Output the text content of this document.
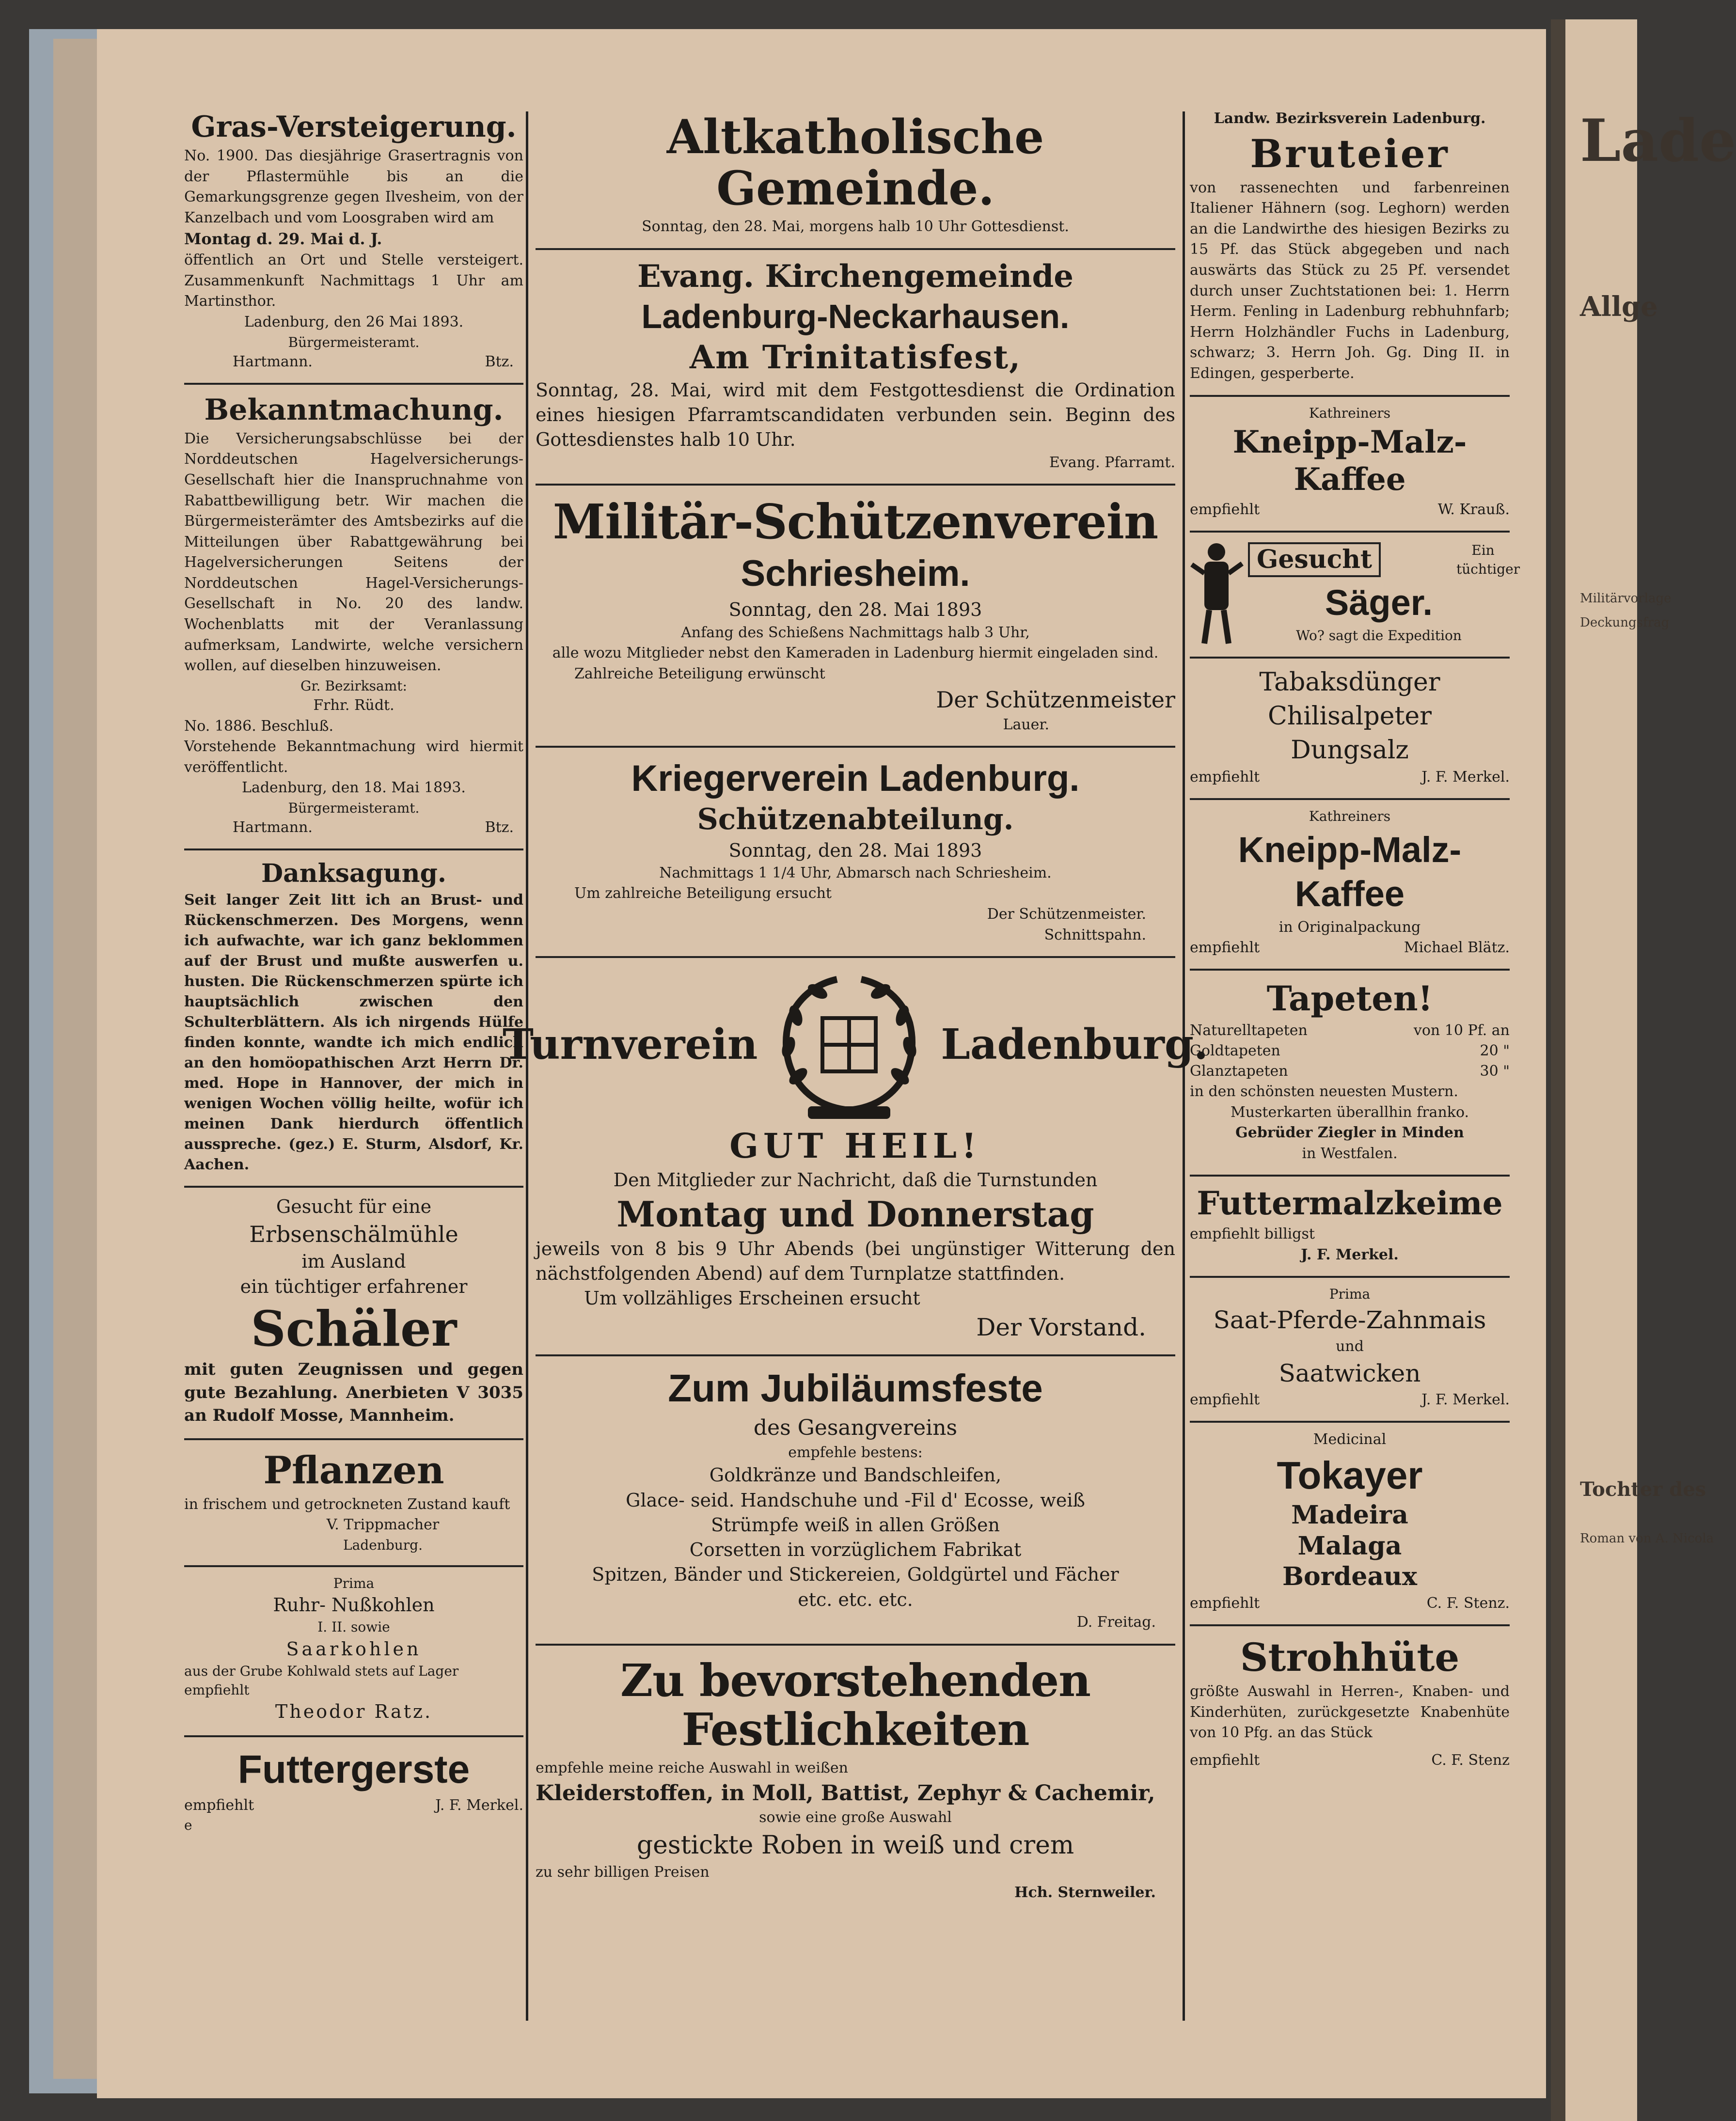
Lade
Allge
Militärvorlage
Deckungsfrag
Tochter des
Roman von A. Nicola
Gras-Versteigerung.
No. 1900. Das diesjährige Grasertragnis von der Pflastermühle bis an die Gemarkungsgrenze gegen Ilvesheim, von der Kanzelbach und vom Loosgraben wird am
Montag d. 29. Mai d. J.
öffentlich an Ort und Stelle versteigert. Zusammenkunft Nachmittags 1 Uhr am Martinsthor.
Ladenburg, den 26 Mai 1893.
Bürgermeisteramt.
Hartmann.	Btz.
Bekanntmachung.
Die Versicherungsabschlüsse bei der Norddeutschen Hagelversicherungs-Gesellschaft hier die Inanspruchnahme von Rabattbewilligung betr. Wir machen die Bürgermeisterämter des Amtsbezirks auf die Mitteilungen über Rabattgewährung bei Hagelversicherungen Seitens der Norddeutschen Hagel-Versicherungs-Gesellschaft in No. 20 des landw. Wochenblatts mit der Veranlassung aufmerksam, Landwirte, welche versichern wollen, auf dieselben hinzuweisen.
Gr. Bezirksamt:
Frhr. Rüdt.
No. 1886. Beschluß.
Vorstehende Bekanntmachung wird hiermit veröffentlicht.
Ladenburg, den 18. Mai 1893.
Bürgermeisteramt.
Hartmann.	Btz.
Danksagung.
Seit langer Zeit litt ich an Brust- und Rückenschmerzen. Des Morgens, wenn ich aufwachte, war ich ganz beklommen auf der Brust und mußte auswerfen u. husten. Die Rückenschmerzen spürte ich hauptsächlich zwischen den Schulterblättern. Als ich nirgends Hülfe finden konnte, wandte ich mich endlich an den homöopathischen Arzt Herrn Dr. med. Hope in Hannover, der mich in wenigen Wochen völlig heilte, wofür ich meinen Dank hierdurch öffentlich ausspreche. (gez.) E. Sturm, Alsdorf, Kr. Aachen.
Gesucht für eine
Erbsenschälmühle
im Ausland
ein tüchtiger erfahrener
Schäler
mit guten Zeugnissen und gegen gute Bezahlung. Anerbieten V 3035 an Rudolf Mosse, Mannheim.
Pflanzen
in frischem und getrockneten Zustand kauft
V. Trippmacher
Ladenburg.
Prima
Ruhr- Nußkohlen
I. II. sowie
Saarkohlen
aus der Grube Kohlwald stets auf Lager empfiehlt
Theodor Ratz.
Futtergerste
empfiehlt	J. F. Merkel.
e
Altkatholische Gemeinde.
Sonntag, den 28. Mai, morgens halb 10 Uhr Gottesdienst.
Evang. Kirchengemeinde
Ladenburg-Neckarhausen.
Am Trinitatisfest,
Sonntag, 28. Mai, wird mit dem Festgottesdienst die Ordination eines hiesigen Pfarramtscandidaten verbunden sein. Beginn des Gottesdienstes halb 10 Uhr.
Evang. Pfarramt.
Militär-Schützenverein
Schriesheim.
Sonntag, den 28. Mai 1893
Anfang des Schießens Nachmittags halb 3 Uhr,
alle wozu Mitglieder nebst den Kameraden in Ladenburg hiermit eingeladen sind.
Zahlreiche Beteiligung erwünscht
Der Schützenmeister
Lauer.
Kriegerverein Ladenburg.
Schützenabteilung.
Sonntag, den 28. Mai 1893
Nachmittags 1 1/4 Uhr, Abmarsch nach Schriesheim.
Um zahlreiche Beteiligung ersucht
Der Schützenmeister.
Schnittspahn.
Turnverein	Ladenburg.
GUT HEIL!
Den Mitglieder zur Nachricht, daß die Turnstunden
Montag und Donnerstag
jeweils von 8 bis 9 Uhr Abends (bei ungünstiger Witterung den nächstfolgenden Abend) auf dem Turnplatze stattfinden.
Um vollzähliges Erscheinen ersucht
Der Vorstand.
Zum Jubiläumsfeste
des Gesangvereins
empfehle bestens:
Goldkränze und Bandschleifen,
Glace- seid. Handschuhe und -Fil d' Ecosse, weiß
Strümpfe weiß in allen Größen
Corsetten in vorzüglichem Fabrikat
Spitzen, Bänder und Stickereien, Goldgürtel und Fächer
etc. etc. etc.
D. Freitag.
Zu bevorstehenden Festlichkeiten
empfehle meine reiche Auswahl in weißen
Kleiderstoffen, in Moll, Battist, Zephyr & Cachemir,
sowie eine große Auswahl
gestickte Roben in weiß und crem
zu sehr billigen Preisen
Hch. Sternweiler.
Landw. Bezirksverein Ladenburg.
Bruteier
von rassenechten und farbenreinen Italiener Hähnern (sog. Leghorn) werden an die Landwirthe des hiesigen Bezirks zu 15 Pf. das Stück abgegeben und nach auswärts das Stück zu 25 Pf. versendet durch unser Zuchtstationen bei: 1. Herrn Herm. Fenling in Ladenburg rebhuhnfarb; Herrn Holzhändler Fuchs in Ladenburg, schwarz; 3. Herrn Joh. Gg. Ding II. in Edingen, gesperberte.
Kathreiners
Kneipp-Malz-
Kaffee
empfiehlt	W. Krauß.
Gesucht	Ein tüchtiger
Säger.
Wo? sagt die Expedition
Tabaksdünger
Chilisalpeter
Dungsalz
empfiehlt	J. F. Merkel.
Kathreiners
Kneipp-Malz-
Kaffee
in Originalpackung
empfiehlt	Michael Blätz.
Tapeten!
Naturelltapeten	von 10 Pf. an
Goldtapeten	20 "
Glanztapeten	30 "
in den schönsten neuesten Mustern.
Musterkarten überallhin franko.
Gebrüder Ziegler in Minden
in Westfalen.
Futtermalzkeime
empfiehlt billigst
J. F. Merkel.
Prima
Saat-Pferde-Zahnmais
und
Saatwicken
empfiehlt	J. F. Merkel.
Medicinal
Tokayer
Madeira
Malaga
Bordeaux
empfiehlt	C. F. Stenz.
Strohhüte
größte Auswahl in Herren-, Knaben- und Kinderhüten, zurückgesetzte Knabenhüte von 10 Pfg. an das Stück
empfiehlt	C. F. Stenz
